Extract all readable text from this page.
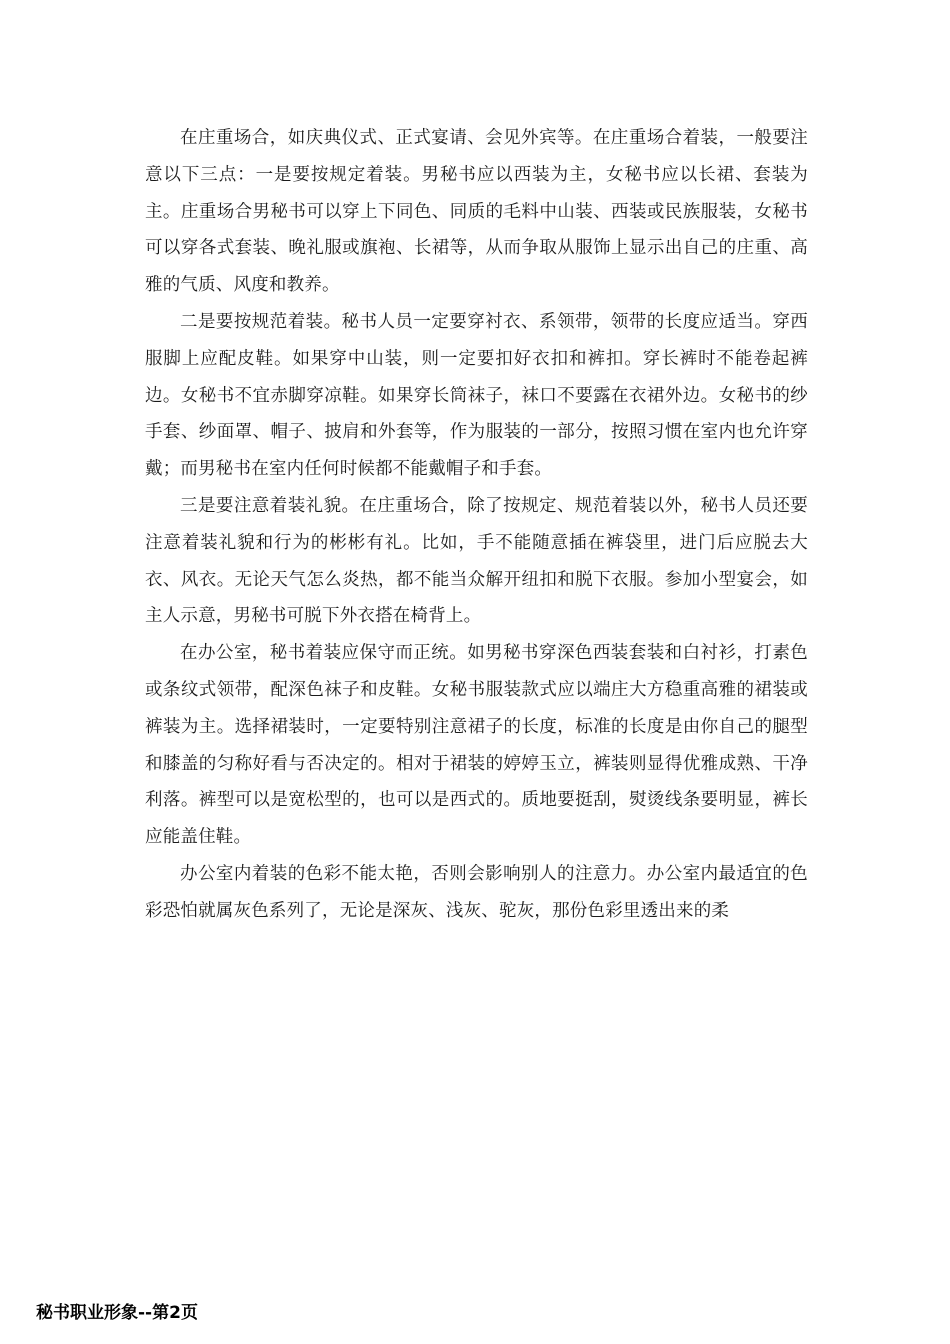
在庄重场合，如庆典仪式、正式宴请、会见外宾等。在庄重场合着装，一般要注意以下三点：一是要按规定着装。男秘书应以西装为主，女秘书应以长裙、套装为主。庄重场合男秘书可以穿上下同色、同质的毛料中山装、西装或民族服装，女秘书可以穿各式套装、晚礼服或旗袍、长裙等，从而争取从服饰上显示出自己的庄重、高雅的气质、风度和教养。

二是要按规范着装。秘书人员一定要穿衬衣、系领带，领带的长度应适当。穿西服脚上应配皮鞋。如果穿中山装，则一定要扣好衣扣和裤扣。穿长裤时不能卷起裤边。女秘书不宜赤脚穿凉鞋。如果穿长筒袜子，袜口不要露在衣裙外边。女秘书的纱手套、纱面罩、帽子、披肩和外套等，作为服装的一部分，按照习惯在室内也允许穿戴；而男秘书在室内任何时候都不能戴帽子和手套。

三是要注意着装礼貌。在庄重场合，除了按规定、规范着装以外，秘书人员还要注意着装礼貌和行为的彬彬有礼。比如，手不能随意插在裤袋里，进门后应脱去大衣、风衣。无论天气怎么炎热，都不能当众解开纽扣和脱下衣服。参加小型宴会，如主人示意，男秘书可脱下外衣搭在椅背上。

在办公室，秘书着装应保守而正统。如男秘书穿深色西装套装和白衬衫，打素色或条纹式领带，配深色袜子和皮鞋。女秘书服装款式应以端庄大方稳重高雅的裙装或裤装为主。选择裙装时，一定要特别注意裙子的长度，标准的长度是由你自己的腿型和膝盖的匀称好看与否决定的。相对于裙装的婷婷玉立，裤装则显得优雅成熟、干净利落。裤型可以是宽松型的，也可以是西式的。质地要挺刮，熨烫线条要明显，裤长应能盖住鞋。

办公室内着装的色彩不能太艳，否则会影响别人的注意力。办公室内最适宜的色彩恐怕就属灰色系列了，无论是深灰、浅灰、驼灰，那份色彩里透出来的柔

秘书职业形象--第2页
